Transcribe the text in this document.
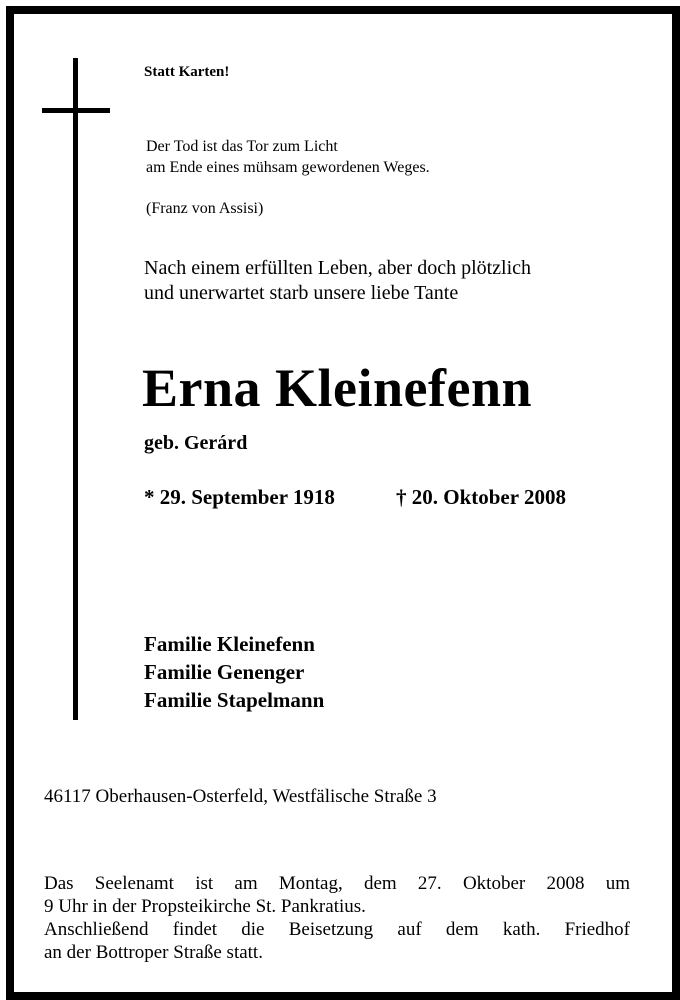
Statt Karten!
Der Tod ist das Tor zum Licht
am Ende eines mühsam gewordenen Weges.
(Franz von Assisi)
Nach einem erfüllten Leben, aber doch plötzlich
und unerwartet starb unsere liebe Tante
Erna Kleinefenn
geb. Gerárd
* 29. September 1918	† 20. Oktober 2008
Familie Kleinefenn
Familie Genenger
Familie Stapelmann
46117 Oberhausen-Osterfeld, Westfälische Straße 3
Das Seelenamt ist am Montag, dem 27. Oktober 2008 um
9 Uhr in der Propsteikirche St. Pankratius.
Anschließend findet die Beisetzung auf dem kath. Friedhof
an der Bottroper Straße statt.
